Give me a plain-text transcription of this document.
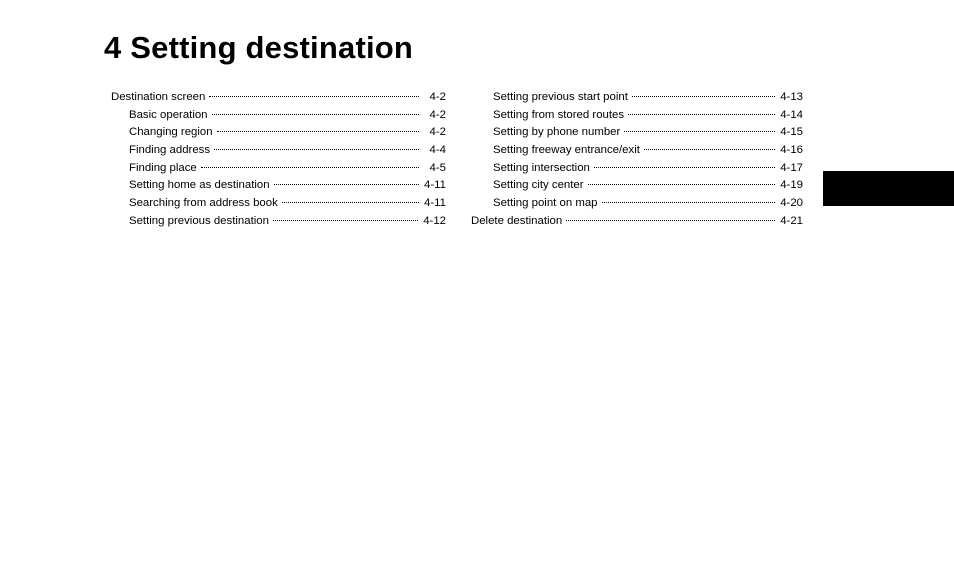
4 Setting destination
Destination screen	4-2
Basic operation	4-2
Changing region	4-2
Finding address	4-4
Finding place	4-5
Setting home as destination	4-11
Searching from address book	4-11
Setting previous destination	4-12
Setting previous start point	4-13
Setting from stored routes	4-14
Setting by phone number	4-15
Setting freeway entrance/exit	4-16
Setting intersection	4-17
Setting city center	4-19
Setting point on map	4-20
Delete destination	4-21
